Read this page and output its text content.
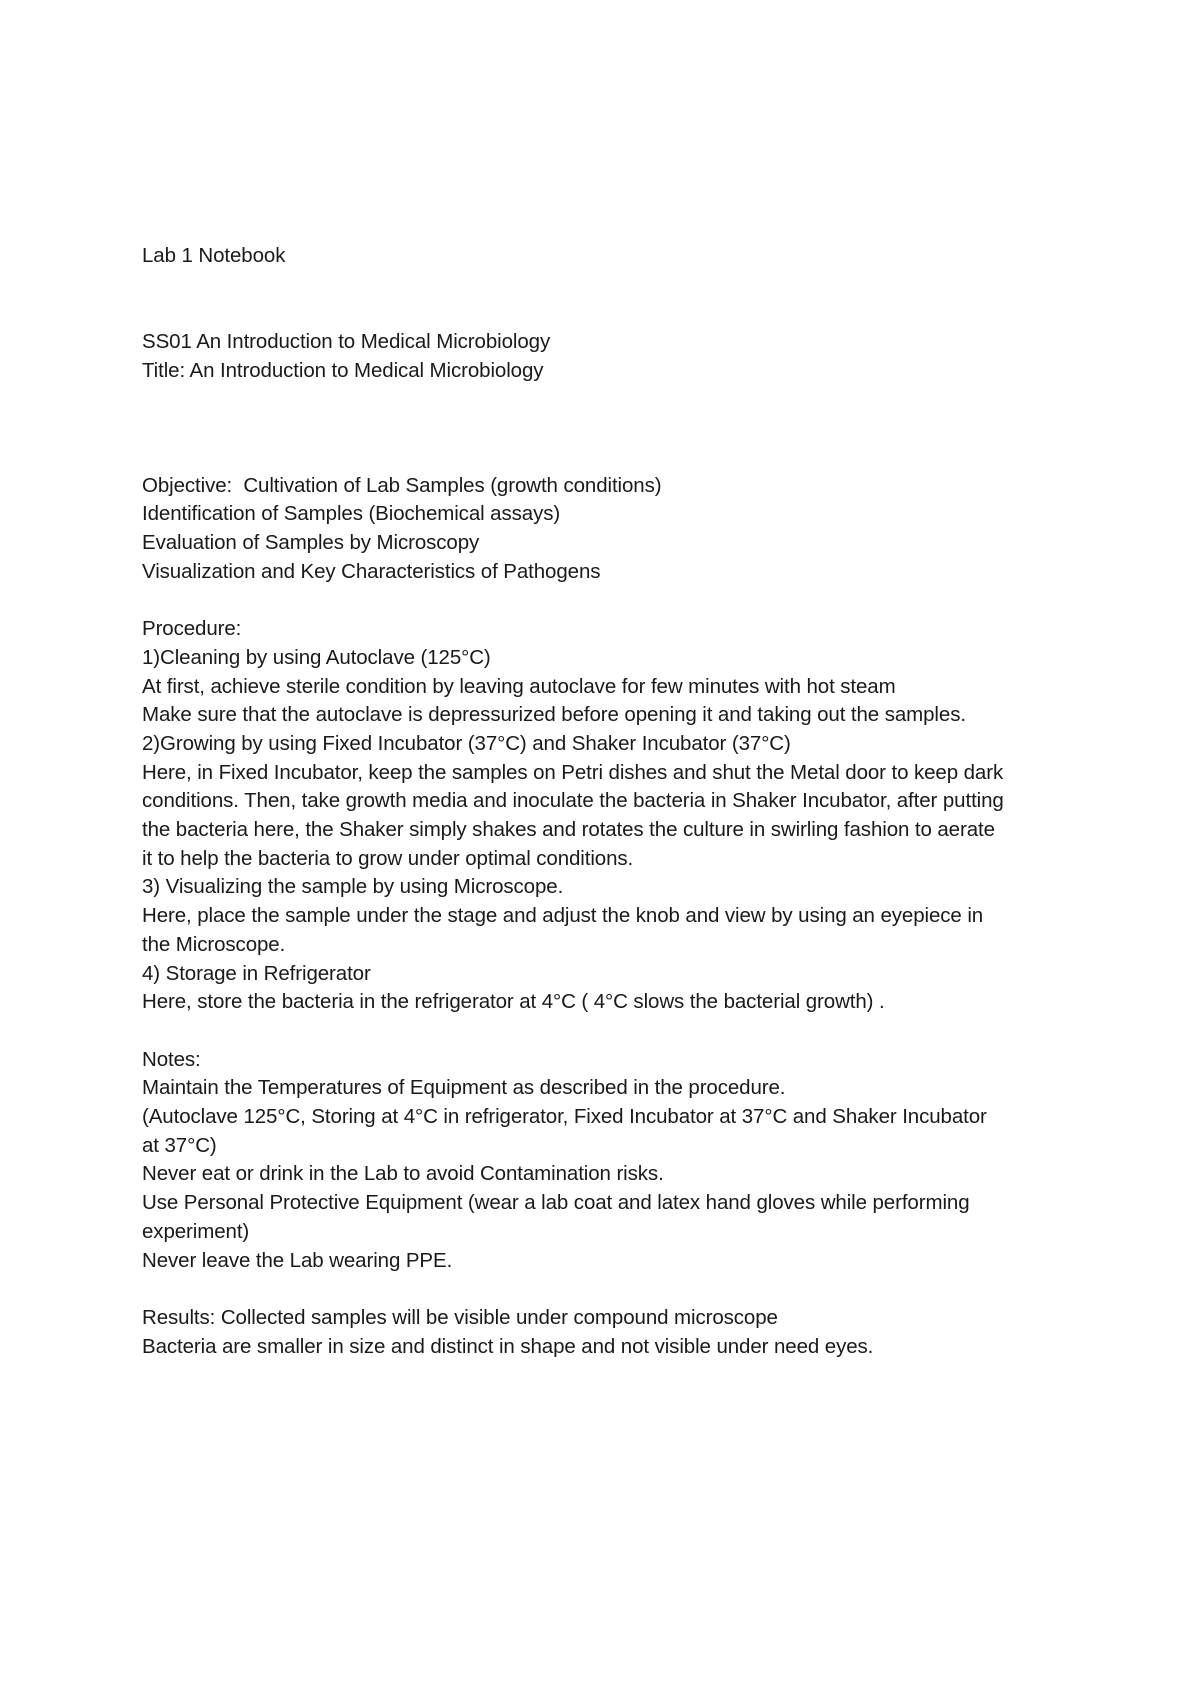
Lab 1 Notebook
SS01 An Introduction to Medical Microbiology
Title: An Introduction to Medical Microbiology
Objective:  Cultivation of Lab Samples (growth conditions)
Identification of Samples (Biochemical assays)
Evaluation of Samples by Microscopy
Visualization and Key Characteristics of Pathogens
Procedure:
1)Cleaning by using Autoclave (125°C)
At first, achieve sterile condition by leaving autoclave for few minutes with hot steam
Make sure that the autoclave is depressurized before opening it and taking out the samples.
2)Growing by using Fixed Incubator (37°C) and Shaker Incubator (37°C)
Here, in Fixed Incubator, keep the samples on Petri dishes and shut the Metal door to keep dark
conditions. Then, take growth media and inoculate the bacteria in Shaker Incubator, after putting
the bacteria here, the Shaker simply shakes and rotates the culture in swirling fashion to aerate
it to help the bacteria to grow under optimal conditions.
3) Visualizing the sample by using Microscope.
Here, place the sample under the stage and adjust the knob and view by using an eyepiece in
the Microscope.
4) Storage in Refrigerator
Here, store the bacteria in the refrigerator at 4°C ( 4°C slows the bacterial growth) .
Notes:
Maintain the Temperatures of Equipment as described in the procedure.
(Autoclave 125°C, Storing at 4°C in refrigerator, Fixed Incubator at 37°C and Shaker Incubator
at 37°C)
Never eat or drink in the Lab to avoid Contamination risks.
Use Personal Protective Equipment (wear a lab coat and latex hand gloves while performing
experiment)
Never leave the Lab wearing PPE.
Results: Collected samples will be visible under compound microscope
Bacteria are smaller in size and distinct in shape and not visible under need eyes.
